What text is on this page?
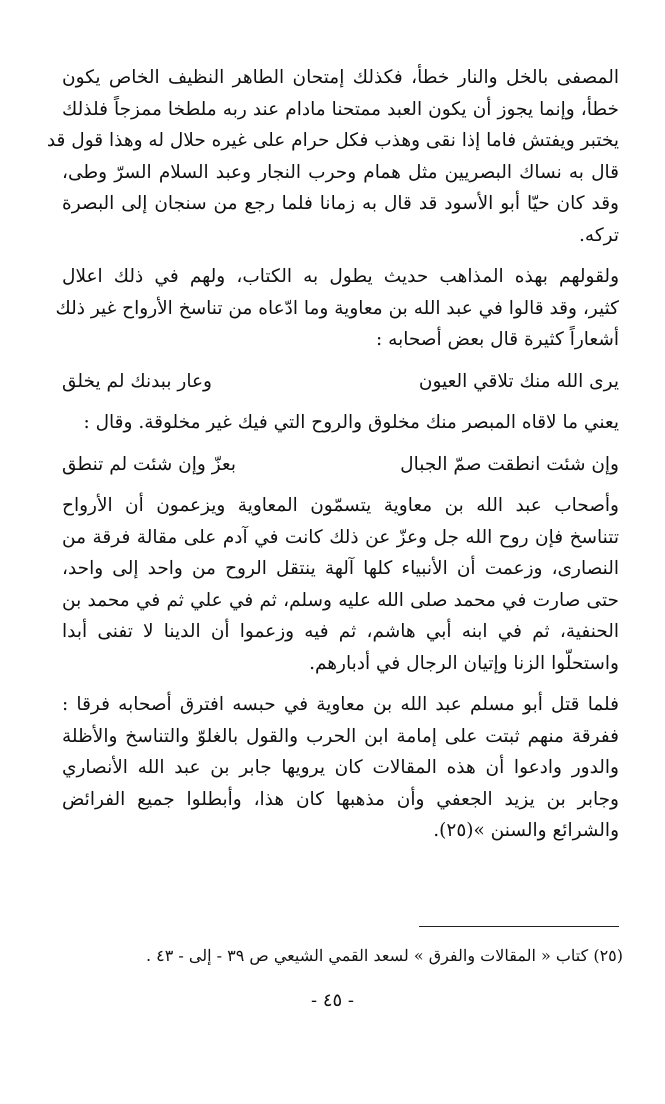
المصفى بالخل والنار خطأ، فكذلك إمتحان الطاهر النظيف الخاص يكون
خطأ، وإنما يجوز أن يكون العبد ممتحنا مادام عند ربه ملطخا ممزجاً فلذلك
يختبر ويفتش فاما إذا نقى وهذب فكل حرام على غيره حلال له وهذا قول قد
قال به نساك البصريين مثل همام وحرب النجار وعبد السلام السرّ وطى،
وقد كان حيّا أبو الأسود قد قال به زمانا فلما رجع من سنجان إلى البصرة
تركه.
ولقولهم بهذه المذاهب حديث يطول به الكتاب، ولهم في ذلك اعلال
كثير، وقد قالوا في عبد الله بن معاوية وما ادّعاه من تناسخ الأرواح غير ذلك
أشعاراً كثيرة قال بعض أصحابه :
يرى الله منك تلاقي العيون
وعار ببدنك لم يخلق
يعني ما لاقاه المبصر منك مخلوق والروح التي فيك غير مخلوقة. وقال :
وإن شئت انطقت صمّ الجبال
بعزّ وإن شئت لم تنطق
وأصحاب عبد الله بن معاوية يتسمّون المعاوية ويزعمون أن الأرواح
تتناسخ فإن روح الله جل وعزّ عن ذلك كانت في آدم على مقالة فرقة من
النصارى، وزعمت أن الأنبياء كلها آلهة ينتقل الروح من واحد إلى واحد،
حتى صارت في محمد صلى الله عليه وسلم، ثم في علي ثم في محمد بن
الحنفية، ثم في ابنه أبي هاشم، ثم فيه وزعموا أن الدينا لا تفنى أبدا
واستحلّوا الزنا وإتيان الرجال في أدبارهم.
فلما قتل أبو مسلم عبد الله بن معاوية في حبسه افترق أصحابه فرقا :
ففرقة منهم ثبتت على إمامة ابن الحرب والقول بالغلوّ والتناسخ والأظلة
والدور وادعوا أن هذه المقالات كان يرويها جابر بن عبد الله الأنصاري
وجابر بن يزيد الجعفي وأن مذهبها كان هذا، وأبطلوا جميع الفرائض
والشرائع والسنن »(٢٥).
(٢٥) كتاب « المقالات والفرق » لسعد القمي الشيعي ص ٣٩ - إلى - ٤٣ .
- ٤٥ -
